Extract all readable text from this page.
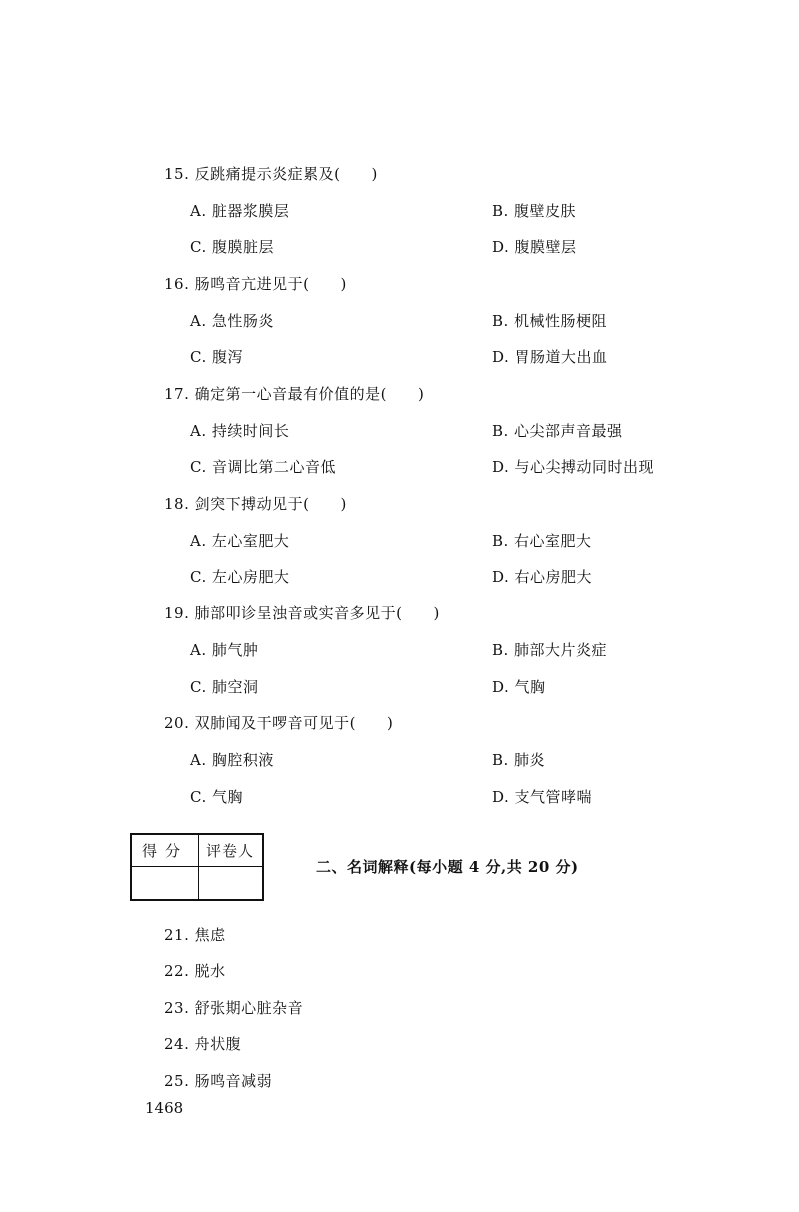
15. 反跳痛提示炎症累及(　　)
A. 脏器浆膜层	B. 腹壁皮肤
C. 腹膜脏层	D. 腹膜壁层
16. 肠鸣音亢进见于(　　)
A. 急性肠炎	B. 机械性肠梗阻
C. 腹泻	D. 胃肠道大出血
17. 确定第一心音最有价值的是(　　)
A. 持续时间长	B. 心尖部声音最强
C. 音调比第二心音低	D. 与心尖搏动同时出现
18. 剑突下搏动见于(　　)
A. 左心室肥大	B. 右心室肥大
C. 左心房肥大	D. 右心房肥大
19. 肺部叩诊呈浊音或实音多见于(　　)
A. 肺气肿	B. 肺部大片炎症
C. 肺空洞	D. 气胸
20. 双肺闻及干啰音可见于(　　)
A. 胸腔积液	B. 肺炎
C. 气胸	D. 支气管哮喘
得分 评卷人
二、名词解释(每小题 4 分,共 20 分)
21. 焦虑
22. 脱水
23. 舒张期心脏杂音
24. 舟状腹
25. 肠鸣音减弱
1468
